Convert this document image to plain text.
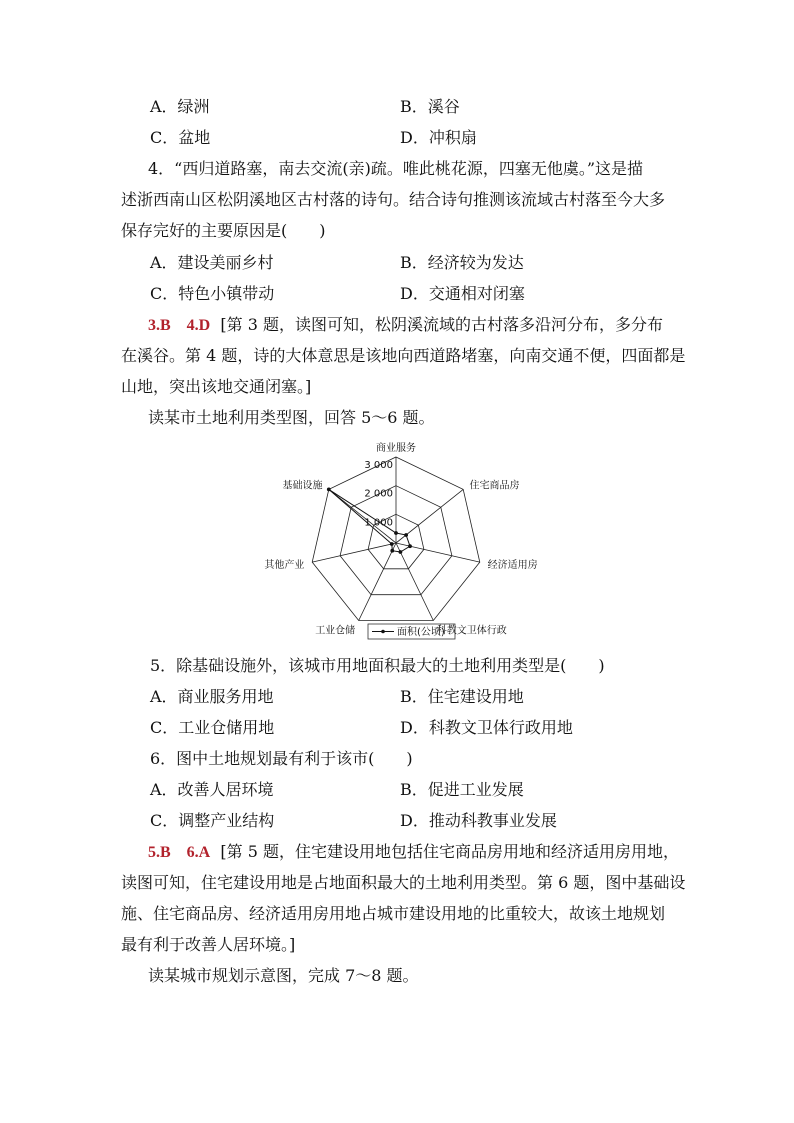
A．绿洲	B．溪谷
C．盆地	D．冲积扇
4．“西归道路塞，南去交流(亲)疏。唯此桃花源，四塞无他虞。”这是描
述浙西南山区松阴溪地区古村落的诗句。结合诗句推测该流域古村落至今大多
保存完好的主要原因是(　　)
A．建设美丽乡村	B．经济较为发达
C．特色小镇带动	D．交通相对闭塞
3.B　4.D [第 3 题，读图可知，松阴溪流域的古村落多沿河分布，多分布
在溪谷。第 4 题，诗的大体意思是该地向西道路堵塞，向南交通不便，四面都是
山地，突出该地交通闭塞。]
读某市土地利用类型图，回答 5～6 题。
1 000
2 000
3 000
商业服务
住宅商品房
经济适用房
科教文卫体行政
工业仓储
其他产业
基础设施
面积(公顷)
5．除基础设施外，该城市用地面积最大的土地利用类型是(　　)
A．商业服务用地	B．住宅建设用地
C．工业仓储用地	D．科教文卫体行政用地
6．图中土地规划最有利于该市(　　)
A．改善人居环境	B．促进工业发展
C．调整产业结构	D．推动科教事业发展
5.B　6.A [第 5 题，住宅建设用地包括住宅商品房用地和经济适用房用地，
读图可知，住宅建设用地是占地面积最大的土地利用类型。第 6 题，图中基础设
施、住宅商品房、经济适用房用地占城市建设用地的比重较大，故该土地规划
最有利于改善人居环境。]
读某城市规划示意图，完成 7～8 题。
